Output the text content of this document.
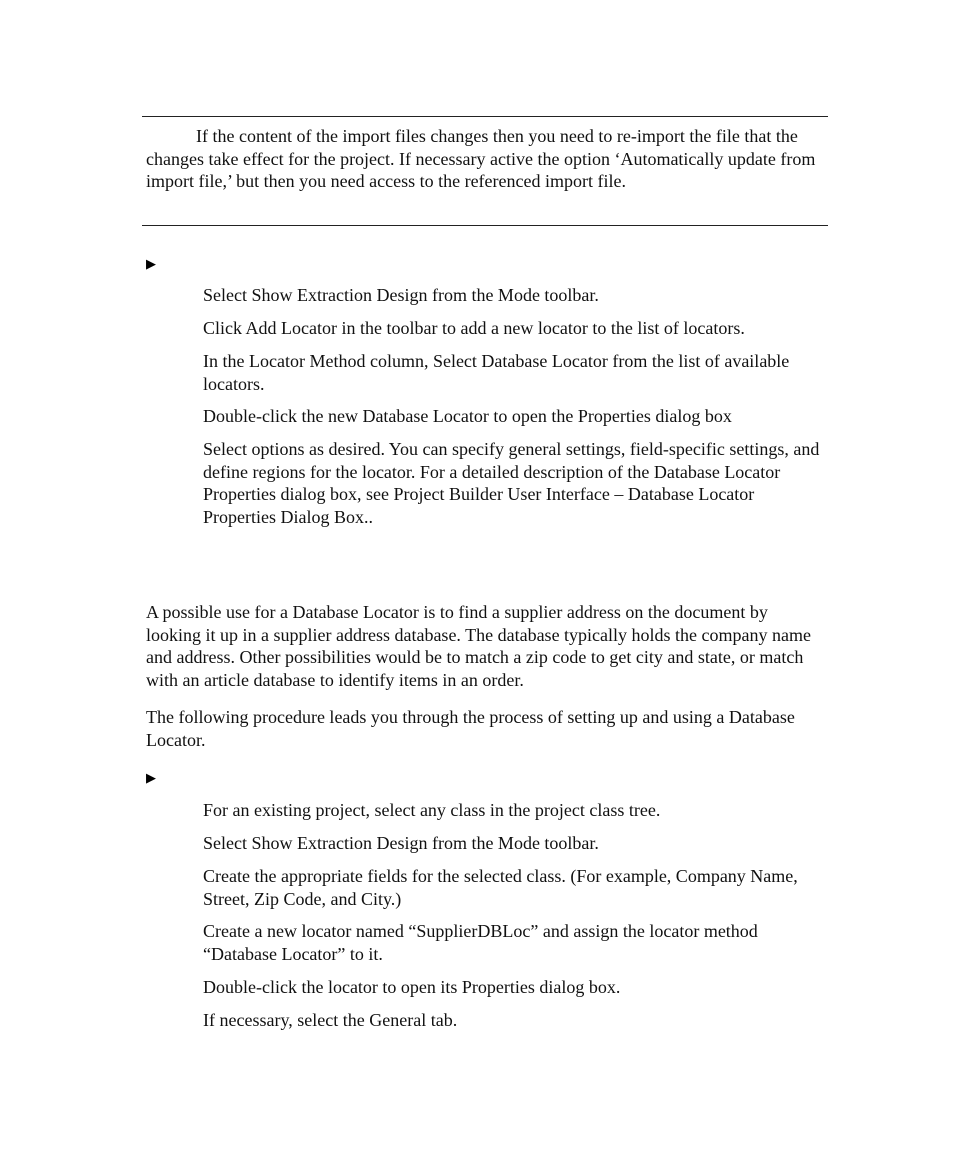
If the content of the import files changes then you need to re-import the file that the changes take effect for the project. If necessary active the option ‘Automatically update from import file,’ but then you need access to the referenced import file.

▶

Select Show Extraction Design from the Mode toolbar.

Click Add Locator in the toolbar to add a new locator to the list of locators.

In the Locator Method column, Select Database Locator from the list of available locators.

Double-click the new Database Locator to open the Properties dialog box

Select options as desired. You can specify general settings, field-specific settings, and define regions for the locator. For a detailed description of the Database Locator Properties dialog box, see Project Builder User Interface – Database Locator Properties Dialog Box..

A possible use for a Database Locator is to find a supplier address on the document by looking it up in a supplier address database. The database typically holds the company name and address. Other possibilities would be to match a zip code to get city and state, or match with an article database to identify items in an order.

The following procedure leads you through the process of setting up and using a Database Locator.

▶

For an existing project, select any class in the project class tree.

Select Show Extraction Design from the Mode toolbar.

Create the appropriate fields for the selected class. (For example, Company Name, Street, Zip Code, and City.)

Create a new locator named “SupplierDBLoc” and assign the locator method “Database Locator” to it.

Double-click the locator to open its Properties dialog box.

If necessary, select the General tab.
